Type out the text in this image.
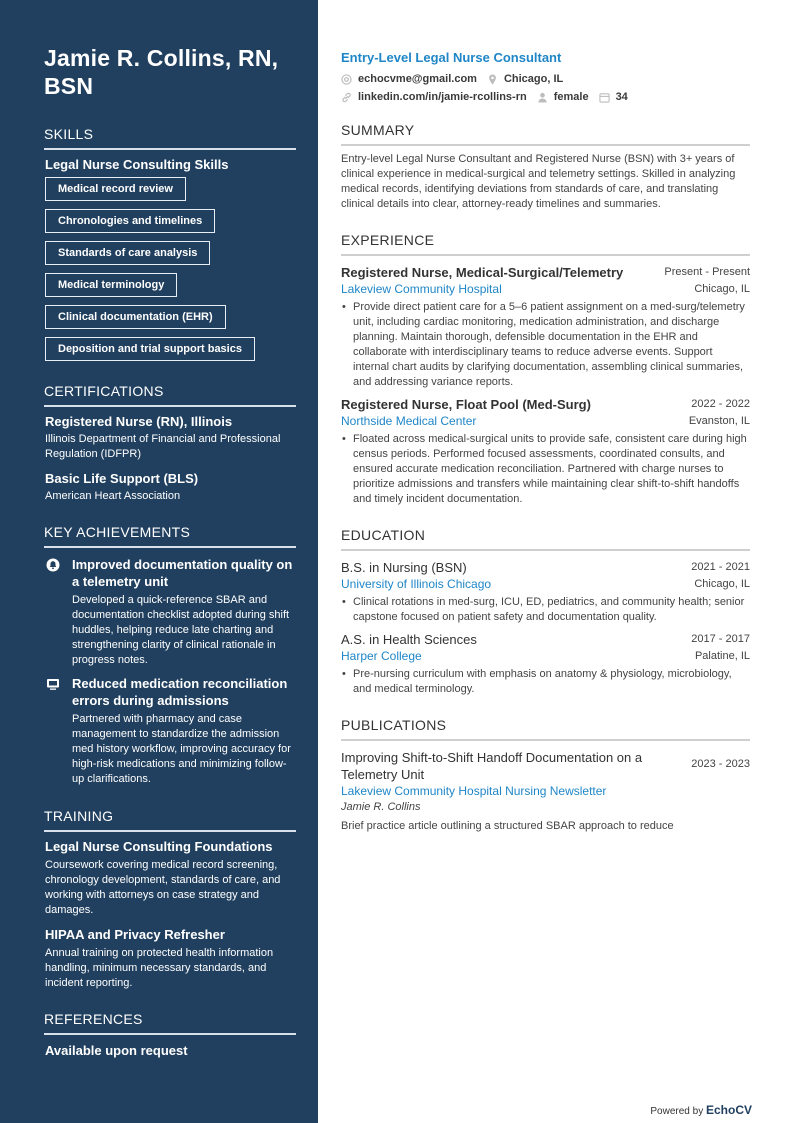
Jamie R. Collins, RN, BSN
SKILLS
Legal Nurse Consulting Skills
Medical record review
Chronologies and timelines
Standards of care analysis
Medical terminology
Clinical documentation (EHR)
Deposition and trial support basics
CERTIFICATIONS
Registered Nurse (RN), Illinois
Illinois Department of Financial and Professional Regulation (IDFPR)
Basic Life Support (BLS)
American Heart Association
KEY ACHIEVEMENTS
Improved documentation quality on a telemetry unit
Developed a quick-reference SBAR and documentation checklist adopted during shift huddles, helping reduce late charting and strengthening clarity of clinical rationale in progress notes.
Reduced medication reconciliation errors during admissions
Partnered with pharmacy and case management to standardize the admission med history workflow, improving accuracy for high-risk medications and minimizing follow-up clarifications.
TRAINING
Legal Nurse Consulting Foundations
Coursework covering medical record screening, chronology development, standards of care, and working with attorneys on case strategy and damages.
HIPAA and Privacy Refresher
Annual training on protected health information handling, minimum necessary standards, and incident reporting.
REFERENCES
Available upon request
Entry-Level Legal Nurse Consultant
echocvme@gmail.com Chicago, IL
linkedin.com/in/jamie-rcollins-rn female 34
SUMMARY
Entry-level Legal Nurse Consultant and Registered Nurse (BSN) with 3+ years of clinical experience in medical-surgical and telemetry settings. Skilled in analyzing medical records, identifying deviations from standards of care, and translating clinical details into clear, attorney-ready timelines and summaries.
EXPERIENCE
Registered Nurse, Medical-Surgical/Telemetry	Present - Present
Lakeview Community Hospital	Chicago, IL
• Provide direct patient care for a 5–6 patient assignment on a med-surg/telemetry unit, including cardiac monitoring, medication administration, and discharge planning. Maintain thorough, defensible documentation in the EHR and collaborate with interdisciplinary teams to reduce adverse events. Support internal chart audits by clarifying documentation, assembling clinical summaries, and addressing variance reports.
Registered Nurse, Float Pool (Med-Surg)	2022 - 2022
Northside Medical Center	Evanston, IL
• Floated across medical-surgical units to provide safe, consistent care during high census periods. Performed focused assessments, coordinated consults, and ensured accurate medication reconciliation. Partnered with charge nurses to prioritize admissions and transfers while maintaining clear shift-to-shift handoffs and timely incident documentation.
EDUCATION
B.S. in Nursing (BSN)	2021 - 2021
University of Illinois Chicago	Chicago, IL
• Clinical rotations in med-surg, ICU, ED, pediatrics, and community health; senior capstone focused on patient safety and documentation quality.
A.S. in Health Sciences	2017 - 2017
Harper College	Palatine, IL
• Pre-nursing curriculum with emphasis on anatomy & physiology, microbiology, and medical terminology.
PUBLICATIONS
Improving Shift-to-Shift Handoff Documentation on a Telemetry Unit
2023 - 2023
Lakeview Community Hospital Nursing Newsletter
Jamie R. Collins
Brief practice article outlining a structured SBAR approach to reduce
Powered by EchoCV
